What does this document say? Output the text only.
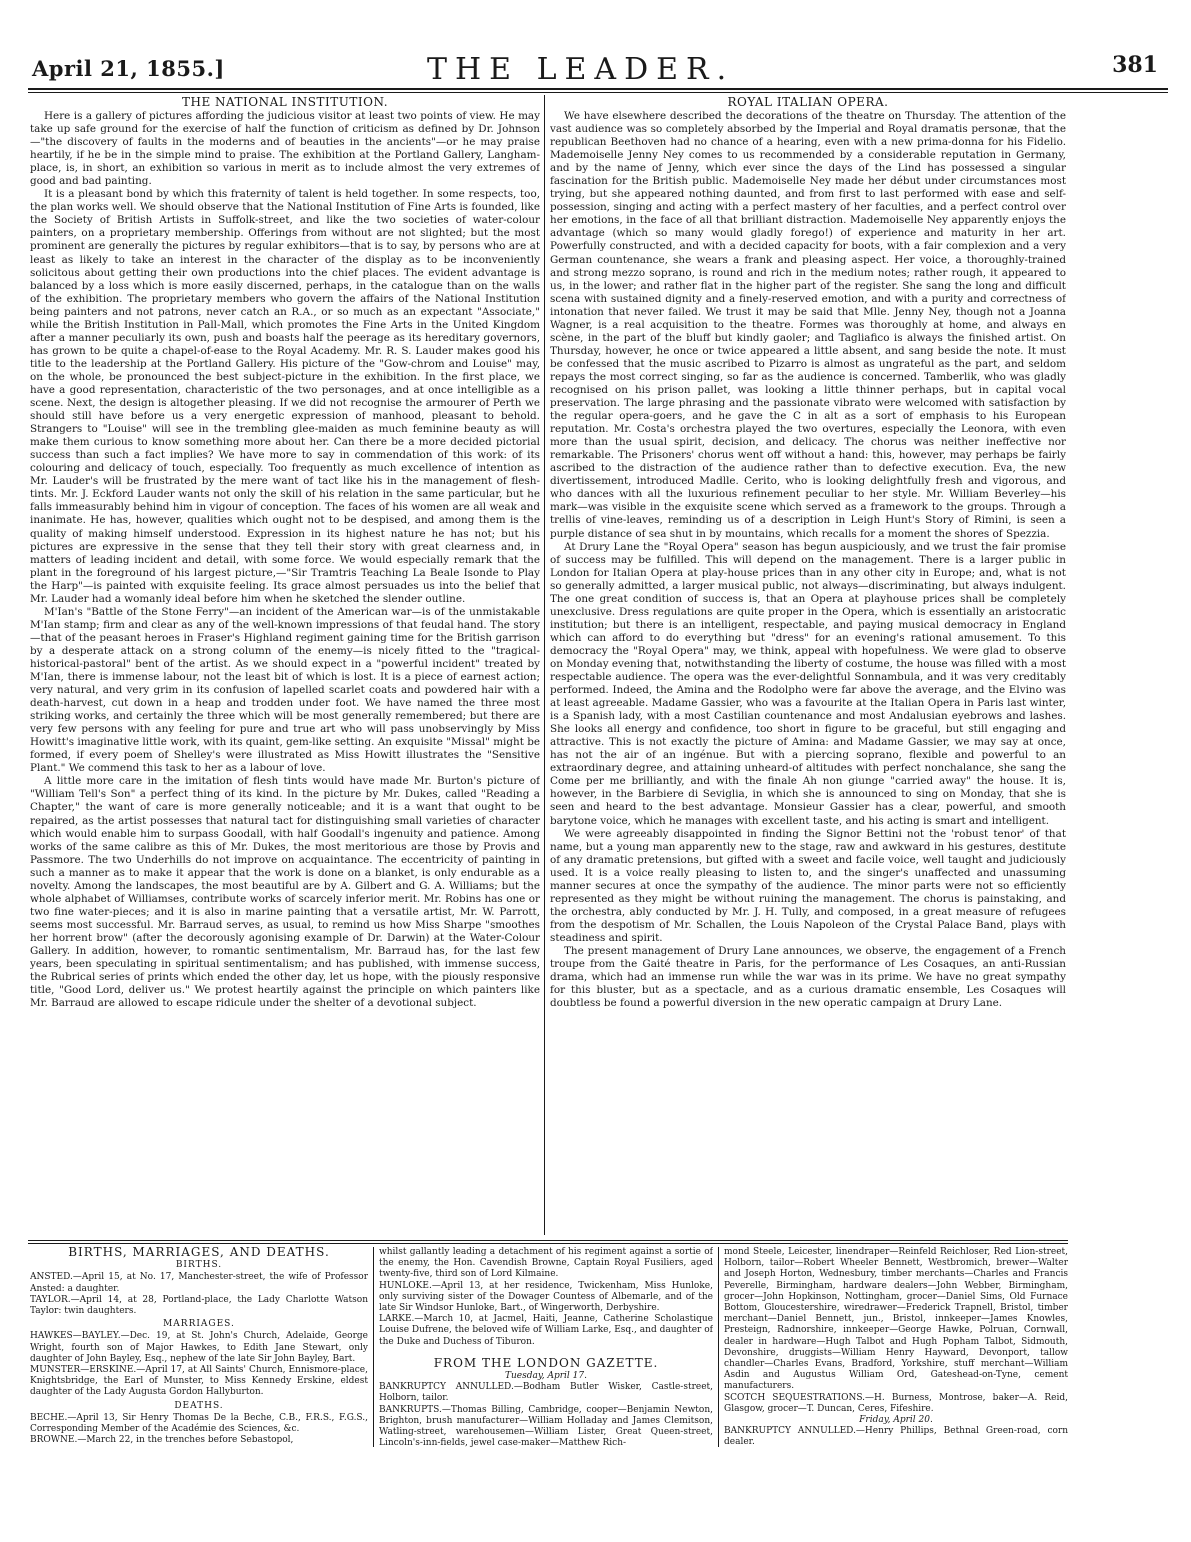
April 21, 1855.]	THE LEADER.	381
THE NATIONAL INSTITUTION.

Here is a gallery of pictures affording the judicious visitor at least two points of view. He may take up safe ground for the exercise of half the function of criticism as defined by Dr. Johnson—"the discovery of faults in the moderns and of beauties in the ancients"—or he may praise heartily, if he be in the simple mind to praise. The exhibition at the Portland Gallery, Langham-place, is, in short, an exhibition so various in merit as to include almost the very extremes of good and bad painting.

It is a pleasant bond by which this fraternity of talent is held together. In some respects, too, the plan works well. We should observe that the National Institution of Fine Arts is founded, like the Society of British Artists in Suffolk-street, and like the two societies of water-colour painters, on a proprietary membership. Offerings from without are not slighted; but the most prominent are generally the pictures by regular exhibitors—that is to say, by persons who are at least as likely to take an interest in the character of the display as to be inconveniently solicitous about getting their own productions into the chief places. The evident advantage is balanced by a loss which is more easily discerned, perhaps, in the catalogue than on the walls of the exhibition. The proprietary members who govern the affairs of the National Institution being painters and not patrons, never catch an R.A., or so much as an expectant "Associate," while the British Institution in Pall-Mall, which promotes the Fine Arts in the United Kingdom after a manner peculiarly its own, push and boasts half the peerage as its hereditary governors, has grown to be quite a chapel-of-ease to the Royal Academy. Mr. R. S. Lauder makes good his title to the leadership at the Portland Gallery. His picture of the "Gow-chrom and Louise" may, on the whole, be pronounced the best subject-picture in the exhibition. In the first place, we have a good representation, characteristic of the two personages, and at once intelligible as a scene. Next, the design is altogether pleasing. If we did not recognise the armourer of Perth we should still have before us a very energetic expression of manhood, pleasant to behold. Strangers to "Louise" will see in the trembling glee-maiden as much feminine beauty as will make them curious to know something more about her. Can there be a more decided pictorial success than such a fact implies? We have more to say in commendation of this work: of its colouring and delicacy of touch, especially. Too frequently as much excellence of intention as Mr. Lauder's will be frustrated by the mere want of tact like his in the management of flesh-tints. Mr. J. Eckford Lauder wants not only the skill of his relation in the same particular, but he falls immeasurably behind him in vigour of conception. The faces of his women are all weak and inanimate. He has, however, qualities which ought not to be despised, and among them is the quality of making himself understood. Expression in its highest nature he has not; but his pictures are expressive in the sense that they tell their story with great clearness and, in matters of leading incident and detail, with some force. We would especially remark that the plant in the foreground of his largest picture,—"Sir Tramtris Teaching La Beale Isonde to Play the Harp"—is painted with exquisite feeling. Its grace almost persuades us into the belief that Mr. Lauder had a womanly ideal before him when he sketched the slender outline.

M'Ian's "Battle of the Stone Ferry"—an incident of the American war—is of the unmistakable M'Ian stamp; firm and clear as any of the well-known impressions of that feudal hand. The story—that of the peasant heroes in Fraser's Highland regiment gaining time for the British garrison by a desperate attack on a strong column of the enemy—is nicely fitted to the "tragical-historical-pastoral" bent of the artist. As we should expect in a "powerful incident" treated by M'Ian, there is immense labour, not the least bit of which is lost. It is a piece of earnest action; very natural, and very grim in its confusion of lapelled scarlet coats and powdered hair with a death-harvest, cut down in a heap and trodden under foot. We have named the three most striking works, and certainly the three which will be most generally remembered; but there are very few persons with any feeling for pure and true art who will pass unobservingly by Miss Howitt's imaginative little work, with its quaint, gem-like setting. An exquisite "Missal" might be formed, if every poem of Shelley's were illustrated as Miss Howitt illustrates the "Sensitive Plant." We commend this task to her as a labour of love.

A little more care in the imitation of flesh tints would have made Mr. Burton's picture of "William Tell's Son" a perfect thing of its kind. In the picture by Mr. Dukes, called "Reading a Chapter," the want of care is more generally noticeable; and it is a want that ought to be repaired, as the artist possesses that natural tact for distinguishing small varieties of character which would enable him to surpass Goodall, with half Goodall's ingenuity and patience. Among works of the same calibre as this of Mr. Dukes, the most meritorious are those by Provis and Passmore. The two Underhills do not improve on acquaintance. The eccentricity of painting in such a manner as to make it appear that the work is done on a blanket, is only endurable as a novelty. Among the landscapes, the most beautiful are by A. Gilbert and G. A. Williams; but the whole alphabet of Williamses, contribute works of scarcely inferior merit. Mr. Robins has one or two fine water-pieces; and it is also in marine painting that a versatile artist, Mr. W. Parrott, seems most successful. Mr. Barraud serves, as usual, to remind us how Miss Sharpe "smoothes her horrent brow" (after the decorously agonising example of Dr. Darwin) at the Water-Colour Gallery. In addition, however, to romantic sentimentalism, Mr. Barraud has, for the last few years, been speculating in spiritual sentimentalism; and has published, with immense success, the Rubrical series of prints which ended the other day, let us hope, with the piously responsive title, "Good Lord, deliver us." We protest heartily against the principle on which painters like Mr. Barraud are allowed to escape ridicule under the shelter of a devotional subject.

ROYAL ITALIAN OPERA.

We have elsewhere described the decorations of the theatre on Thursday. The attention of the vast audience was so completely absorbed by the Imperial and Royal dramatis personæ, that the republican Beethoven had no chance of a hearing, even with a new prima-donna for his Fidelio. Mademoiselle Jenny Ney comes to us recommended by a considerable reputation in Germany, and by the name of Jenny, which ever since the days of the Lind has possessed a singular fascination for the British public. Mademoiselle Ney made her début under circumstances most trying, but she appeared nothing daunted, and from first to last performed with ease and self-possession, singing and acting with a perfect mastery of her faculties, and a perfect control over her emotions, in the face of all that brilliant distraction. Mademoiselle Ney apparently enjoys the advantage (which so many would gladly forego!) of experience and maturity in her art. Powerfully constructed, and with a decided capacity for boots, with a fair complexion and a very German countenance, she wears a frank and pleasing aspect. Her voice, a thoroughly-trained and strong mezzo soprano, is round and rich in the medium notes; rather rough, it appeared to us, in the lower; and rather flat in the higher part of the register. She sang the long and difficult scena with sustained dignity and a finely-reserved emotion, and with a purity and correctness of intonation that never failed. We trust it may be said that Mlle. Jenny Ney, though not a Joanna Wagner, is a real acquisition to the theatre. Formes was thoroughly at home, and always en scène, in the part of the bluff but kindly gaoler; and Tagliafico is always the finished artist. On Thursday, however, he once or twice appeared a little absent, and sang beside the note. It must be confessed that the music ascribed to Pizarro is almost as ungrateful as the part, and seldom repays the most correct singing, so far as the audience is concerned. Tamberlik, who was gladly recognised on his prison pallet, was looking a little thinner perhaps, but in capital vocal preservation. The large phrasing and the passionate vibrato were welcomed with satisfaction by the regular opera-goers, and he gave the C in alt as a sort of emphasis to his European reputation. Mr. Costa's orchestra played the two overtures, especially the Leonora, with even more than the usual spirit, decision, and delicacy. The chorus was neither ineffective nor remarkable. The Prisoners' chorus went off without a hand: this, however, may perhaps be fairly ascribed to the distraction of the audience rather than to defective execution. Eva, the new divertissement, introduced Madlle. Cerito, who is looking delightfully fresh and vigorous, and who dances with all the luxurious refinement peculiar to her style. Mr. William Beverley—his mark—was visible in the exquisite scene which served as a framework to the groups. Through a trellis of vine-leaves, reminding us of a description in Leigh Hunt's Story of Rimini, is seen a purple distance of sea shut in by mountains, which recalls for a moment the shores of Spezzia.

At Drury Lane the "Royal Opera" season has begun auspiciously, and we trust the fair promise of success may be fulfilled. This will depend on the management. There is a larger public in London for Italian Opera at play-house prices than in any other city in Europe; and, what is not so generally admitted, a larger musical public, not always—discriminating, but always indulgent. The one great condition of success is, that an Opera at playhouse prices shall be completely unexclusive. Dress regulations are quite proper in the Opera, which is essentially an aristocratic institution; but there is an intelligent, respectable, and paying musical democracy in England which can afford to do everything but "dress" for an evening's rational amusement. To this democracy the "Royal Opera" may, we think, appeal with hopefulness. We were glad to observe on Monday evening that, notwithstanding the liberty of costume, the house was filled with a most respectable audience. The opera was the ever-delightful Sonnambula, and it was very creditably performed. Indeed, the Amina and the Rodolpho were far above the average, and the Elvino was at least agreeable. Madame Gassier, who was a favourite at the Italian Opera in Paris last winter, is a Spanish lady, with a most Castilian countenance and most Andalusian eyebrows and lashes. She looks all energy and confidence, too short in figure to be graceful, but still engaging and attractive. This is not exactly the picture of Amina: and Madame Gassier, we may say at once, has not the air of an ingénue. But with a piercing soprano, flexible and powerful to an extraordinary degree, and attaining unheard-of altitudes with perfect nonchalance, she sang the Come per me brilliantly, and with the finale Ah non giunge "carried away" the house. It is, however, in the Barbiere di Seviglia, in which she is announced to sing on Monday, that she is seen and heard to the best advantage. Monsieur Gassier has a clear, powerful, and smooth barytone voice, which he manages with excellent taste, and his acting is smart and intelligent.

We were agreeably disappointed in finding the Signor Bettini not the 'robust tenor' of that name, but a young man apparently new to the stage, raw and awkward in his gestures, destitute of any dramatic pretensions, but gifted with a sweet and facile voice, well taught and judiciously used. It is a voice really pleasing to listen to, and the singer's unaffected and unassuming manner secures at once the sympathy of the audience. The minor parts were not so efficiently represented as they might be without ruining the management. The chorus is painstaking, and the orchestra, ably conducted by Mr. J. H. Tully, and composed, in a great measure of refugees from the despotism of Mr. Schallen, the Louis Napoleon of the Crystal Palace Band, plays with steadiness and spirit.

The present management of Drury Lane announces, we observe, the engagement of a French troupe from the Gaité theatre in Paris, for the performance of Les Cosaques, an anti-Russian drama, which had an immense run while the war was in its prime. We have no great sympathy for this bluster, but as a spectacle, and as a curious dramatic ensemble, Les Cosaques will doubtless be found a powerful diversion in the new operatic campaign at Drury Lane.

BIRTHS, MARRIAGES, AND DEATHS.
BIRTHS.

ANSTED.—April 15, at No. 17, Manchester-street, the wife of Professor Ansted: a daughter.

TAYLOR.—April 14, at 28, Portland-place, the Lady Charlotte Watson Taylor: twin daughters.

MARRIAGES.

HAWKES—BAYLEY.—Dec. 19, at St. John's Church, Adelaide, George Wright, fourth son of Major Hawkes, to Edith Jane Stewart, only daughter of John Bayley, Esq., nephew of the late Sir John Bayley, Bart.

MUNSTER—ERSKINE.—April 17, at All Saints' Church, Ennismore-place, Knightsbridge, the Earl of Munster, to Miss Kennedy Erskine, eldest daughter of the Lady Augusta Gordon Hallyburton.

DEATHS.

BECHE.—April 13, Sir Henry Thomas De la Beche, C.B., F.R.S., F.G.S., Corresponding Member of the Académie des Sciences, &c.

BROWNE.—March 22, in the trenches before Sebastopol,

whilst gallantly leading a detachment of his regiment against a sortie of the enemy, the Hon. Cavendish Browne, Captain Royal Fusiliers, aged twenty-five, third son of Lord Kilmaine.

HUNLOKE.—April 13, at her residence, Twickenham, Miss Hunloke, only surviving sister of the Dowager Countess of Albemarle, and of the late Sir Windsor Hunloke, Bart., of Wingerworth, Derbyshire.

LARKE.—March 10, at Jacmel, Haiti, Jeanne, Catherine Scholastique Louise Dufrene, the beloved wife of William Larke, Esq., and daughter of the Duke and Duchess of Tiburon.

FROM THE LONDON GAZETTE.

Tuesday, April 17.

BANKRUPTCY ANNULLED.—Bodham Butler Wisker, Castle-street, Holborn, tailor.

BANKRUPTS.—Thomas Billing, Cambridge, cooper—Benjamin Newton, Brighton, brush manufacturer—William Holladay and James Clemitson, Watling-street, warehousemen—William Lister, Great Queen-street, Lincoln's-inn-fields, jewel case-maker—Matthew Rich-

mond Steele, Leicester, linendraper—Reinfeld Reichloser, Red Lion-street, Holborn, tailor—Robert Wheeler Bennett, Westbromich, brewer—Walter and Joseph Horton, Wednesbury, timber merchants—Charles and Francis Peverelle, Birmingham, hardware dealers—John Webber, Birmingham, grocer—John Hopkinson, Nottingham, grocer—Daniel Sims, Old Furnace Bottom, Gloucestershire, wiredrawer—Frederick Trapnell, Bristol, timber merchant—Daniel Bennett, jun., Bristol, innkeeper—James Knowles, Presteign, Radnorshire, innkeeper—George Hawke, Polruan, Cornwall, dealer in hardware—Hugh Talbot and Hugh Popham Talbot, Sidmouth, Devonshire, druggists—William Henry Hayward, Devonport, tallow chandler—Charles Evans, Bradford, Yorkshire, stuff merchant—William Asdin and Augustus William Ord, Gateshead-on-Tyne, cement manufacturers.

SCOTCH SEQUESTRATIONS.—H. Burness, Montrose, baker—A. Reid, Glasgow, grocer—T. Duncan, Ceres, Fifeshire.

Friday, April 20.

BANKRUPTCY ANNULLED.—Henry Phillips, Bethnal Green-road, corn dealer.
